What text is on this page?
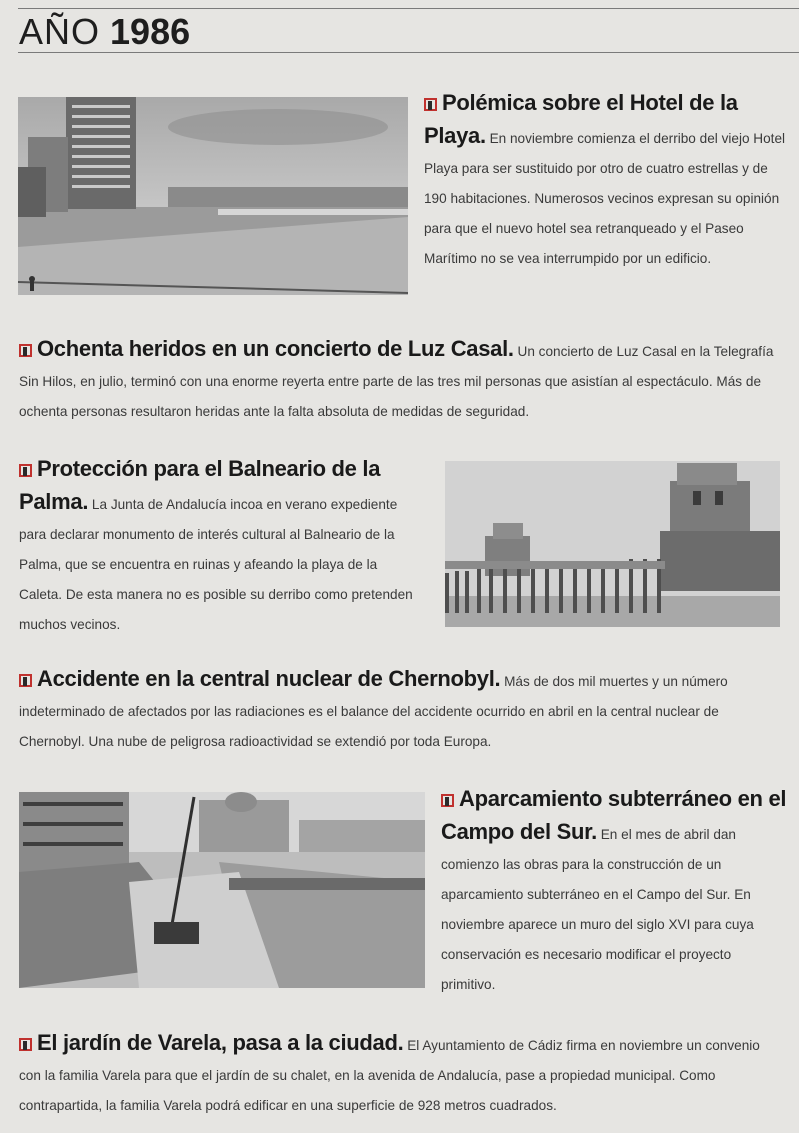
AÑO 1986
Polémica sobre el Hotel de la Playa. En noviembre comienza el derribo del viejo Hotel Playa para ser sustituido por otro de cuatro estrellas y de 190 habitaciones. Numerosos vecinos expresan su opinión para que el nuevo hotel sea retranqueado y el Paseo Marítimo no se vea interrumpido por un edificio.
Ochenta heridos en un concierto de Luz Casal. Un concierto de Luz Casal en la Telegrafía Sin Hilos, en julio, terminó con una enorme reyerta entre parte de las tres mil personas que asistían al espectáculo. Más de ochenta personas resultaron heridas ante la falta absoluta de medidas de seguridad.
Protección para el Balneario de la Palma. La Junta de Andalucía incoa en verano expediente para declarar monumento de interés cultural al Balneario de la Palma, que se encuentra en ruinas y afeando la playa de la Caleta. De esta manera no es posible su derribo como pretenden muchos vecinos.
Accidente en la central nuclear de Chernobyl. Más de dos mil muertes y un número indeterminado de afectados por las radiaciones es el balance del accidente ocurrido en abril en la central nuclear de Chernobyl. Una nube de peligrosa radioactividad se extendió por toda Europa.
Aparcamiento subterráneo en el Campo del Sur. En el mes de abril dan comienzo las obras para la construcción de un aparcamiento subterráneo en el Campo del Sur. En noviembre aparece un muro del siglo XVI para cuya conservación es necesario modificar el proyecto primitivo.
El jardín de Varela, pasa a la ciudad. El Ayuntamiento de Cádiz firma en noviembre un convenio con la familia Varela para que el jardín de su chalet, en la avenida de Andalucía, pase a propiedad municipal. Como contrapartida, la familia Varela podrá edificar en una superficie de 928 metros cuadrados.
